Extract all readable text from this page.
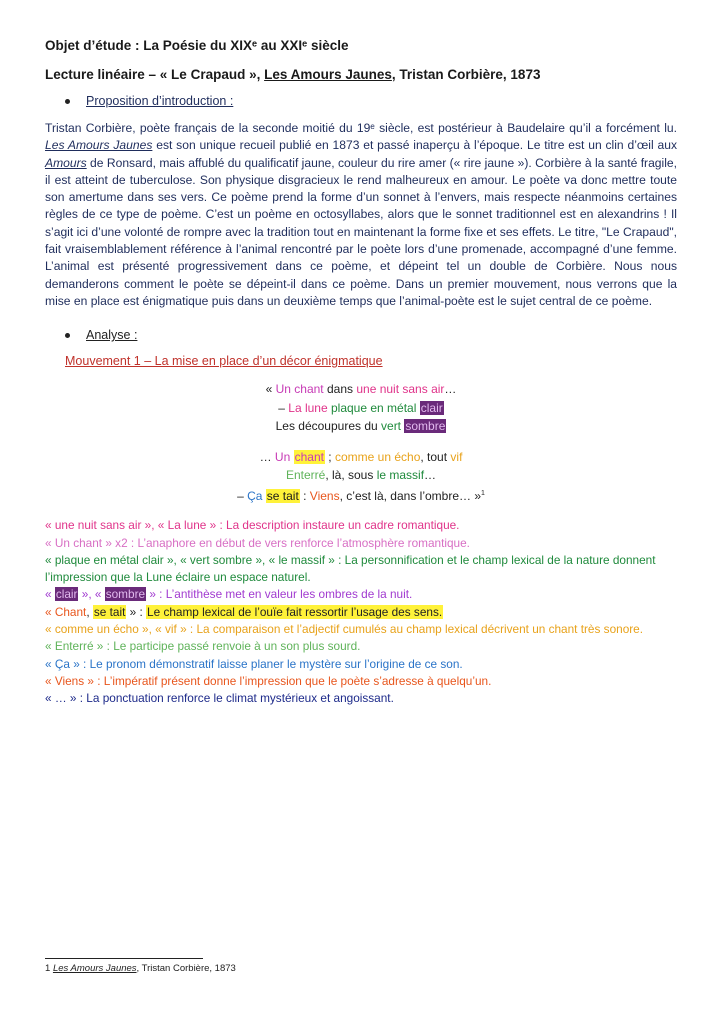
Objet d’étude : La Poésie du XIXᵉ au XXIᵉ siècle
Lecture linéaire – « Le Crapaud », Les Amours Jaunes, Tristan Corbière, 1873
Proposition d’introduction :

Tristan Corbière, poète français de la seconde moitié du 19ᵉ siècle, est postérieur à Baudelaire qu’il a forcément lu. Les Amours Jaunes est son unique recueil publié en 1873 et passé inaperçu à l’époque. Le titre est un clin d’œil aux Amours de Ronsard, mais affublé du qualificatif jaune, couleur du rire amer (« rire jaune »). Corbière à la santé fragile, il est atteint de tuberculose. Son physique disgracieux le rend malheureux en amour. Le poète va donc mettre toute son amertume dans ses vers. Ce poème prend la forme d’un sonnet à l’envers, mais respecte néanmoins certaines règles de ce type de poème. C’est un poème en octosyllabes, alors que le sonnet traditionnel est en alexandrins ! Il s’agit ici d’une volonté de rompre avec la tradition tout en maintenant la forme fixe et ses effets. Le titre, "Le Crapaud", fait vraisemblablement référence à l’animal rencontré par le poète lors d’une promenade, accompagné d’une femme. L’animal est présenté progressivement dans ce poème, et dépeint tel un double de Corbière. Nous nous demanderons comment le poète se dépeint-il dans ce poème. Dans un premier mouvement, nous verrons que la mise en place est énigmatique puis dans un deuxième temps que l’animal-poète est le sujet central de ce poème.

Analyse :
Mouvement 1 – La mise en place d’un décor énigmatique
« Un chant dans une nuit sans air…
– La lune plaque en métal clair
Les découpures du vert sombre
… Un chant ; comme un écho, tout vif
Enterré, là, sous le massif…
– Ça se tait : Viens, c’est là, dans l’ombre… »$^1$

« une nuit sans air », « La lune » : La description instaure un cadre romantique.

« Un chant » x2 : L’anaphore en début de vers renforce l’atmosphère romantique.

« plaque en métal clair », « vert sombre », « le massif » : La personnification et le champ lexical de la nature donnent l’impression que la Lune éclaire un espace naturel.

« clair », « sombre » : L’antithèse met en valeur les ombres de la nuit.

« Chant, se tait » : Le champ lexical de l’ouïe fait ressortir l’usage des sens.

« comme un écho », « vif » : La comparaison et l’adjectif cumulés au champ lexical décrivent un chant très sonore.

« Enterré » : Le participe passé renvoie à un son plus sourd.

« Ça » : Le pronom démonstratif laisse planer le mystère sur l’origine de ce son.

« Viens » : L’impératif présent donne l’impression que le poète s’adresse à quelqu’un.

« … » : La ponctuation renforce le climat mystérieux et angoissant.

1 Les Amours Jaunes, Tristan Corbière, 1873
